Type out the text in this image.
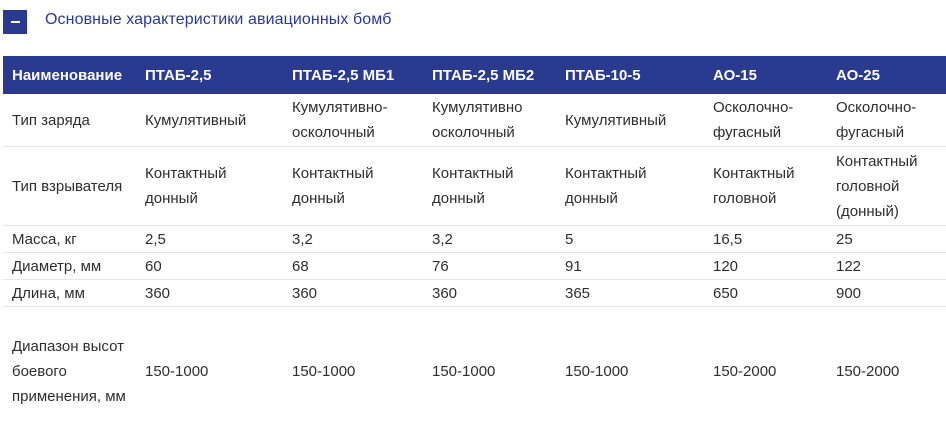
Основные характеристики авиационных бомб
Наименование	ПТАБ-2,5	ПТАБ-2,5 МБ1	ПТАБ-2,5 МБ2	ПТАБ-10-5	АО-15	АО-25
Тип заряда	Кумулятивный	Кумулятивно-осколочный	Кумулятивно осколочный	Кумулятивный	Осколочно-фугасный	Осколочно-фугасный
Тип взрывателя	Контактный донный	Контактный донный	Контактный донный	Контактный донный	Контактный головной	Контактный головной (донный)
Масса, кг	2,5	3,2	3,2	5	16,5	25
Диаметр, мм	60	68	76	91	120	122
Длина, мм	360	360	360	365	650	900
Диапазон высот боевого применения, мм	150-1000	150-1000	150-1000	150-1000	150-2000	150-2000
